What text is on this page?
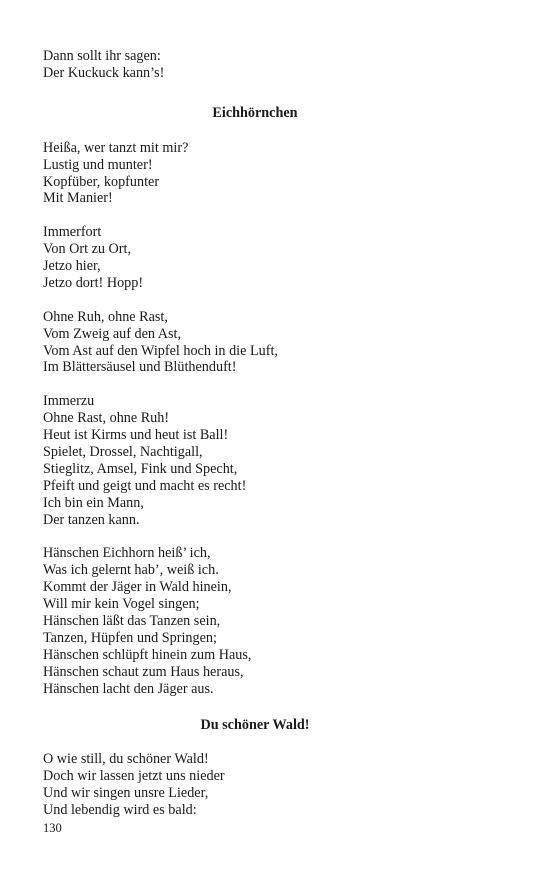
Dann sollt ihr sagen:
Der Kuckuck kann’s!
Eichhörnchen
Heißa, wer tanzt mit mir?
Lustig und munter!
Kopfüber, kopfunter
Mit Manier!
Immerfort
Von Ort zu Ort,
Jetzo hier,
Jetzo dort! Hopp!
Ohne Ruh, ohne Rast,
Vom Zweig auf den Ast,
Vom Ast auf den Wipfel hoch in die Luft,
Im Blättersäusel und Blüthenduft!
Immerzu
Ohne Rast, ohne Ruh!
Heut ist Kirms und heut ist Ball!
Spielet, Drossel, Nachtigall,
Stieglitz, Amsel, Fink und Specht,
Pfeift und geigt und macht es recht!
Ich bin ein Mann,
Der tanzen kann.
Hänschen Eichhorn heiß’ ich,
Was ich gelernt hab’, weiß ich.
Kommt der Jäger in Wald hinein,
Will mir kein Vogel singen;
Hänschen läßt das Tanzen sein,
Tanzen, Hüpfen und Springen;
Hänschen schlüpft hinein zum Haus,
Hänschen schaut zum Haus heraus,
Hänschen lacht den Jäger aus.
Du schöner Wald!
O wie still, du schöner Wald!
Doch wir lassen jetzt uns nieder
Und wir singen unsre Lieder,
Und lebendig wird es bald:
130
